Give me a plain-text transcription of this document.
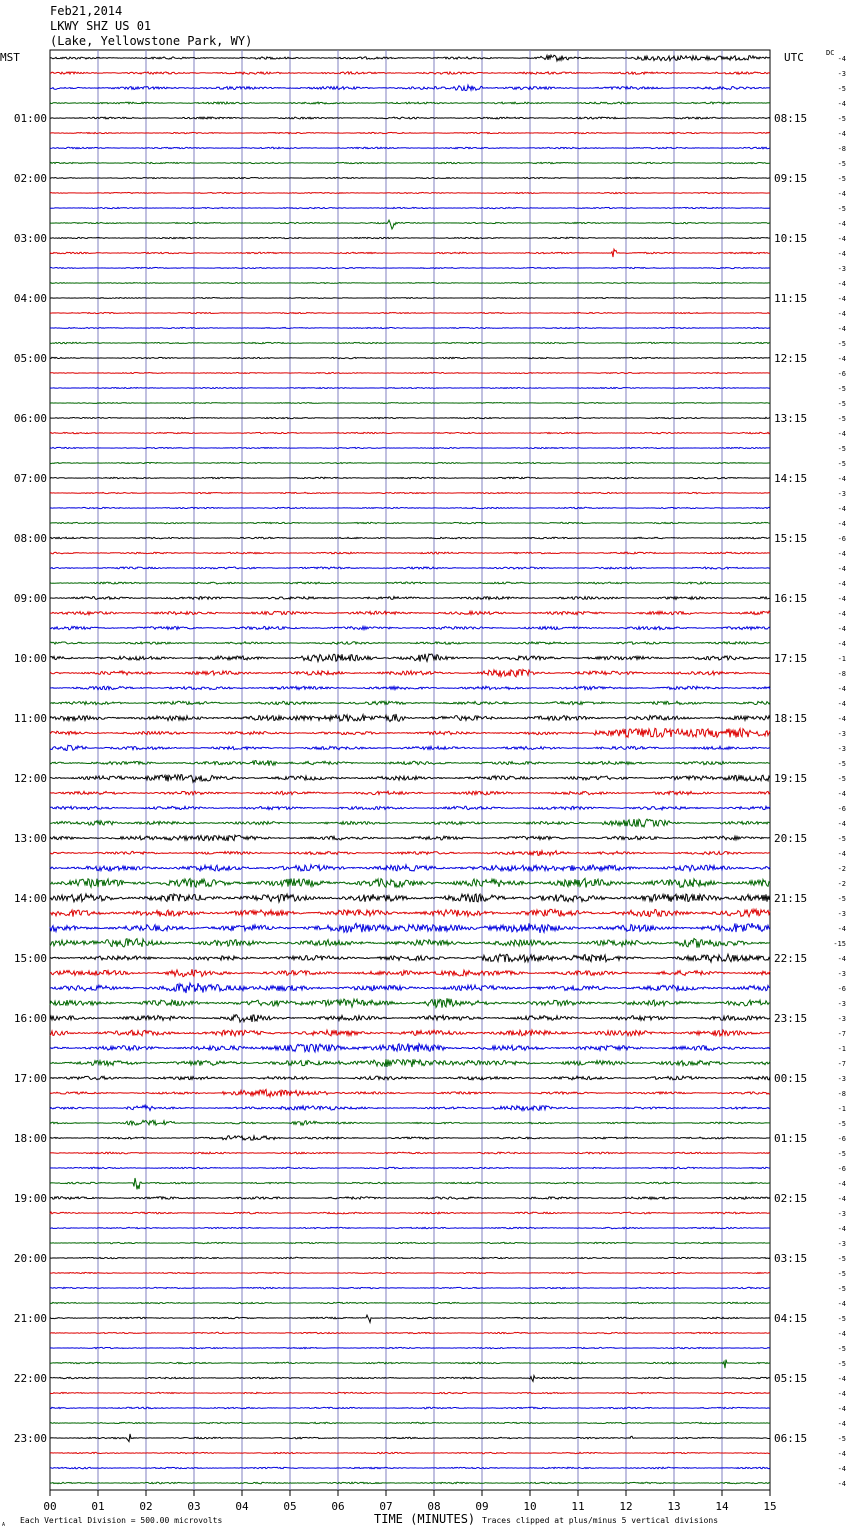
Feb21,2014
LKWY SHZ US 01
(Lake, Yellowstone Park, WY)
01:00
02:00
03:00
04:00
05:00
06:00
07:00
08:00
09:00
10:00
11:00
12:00
13:00
14:00
15:00
16:00
17:00
18:00
19:00
20:00
21:00
22:00
23:00
08:15
09:15
10:15
11:15
12:15
13:15
14:15
15:15
16:15
17:15
18:15
19:15
20:15
21:15
22:15
23:15
00:15
01:15
02:15
03:15
04:15
05:15
06:15
-4
-3
-5
-4
-5
-4
-8
-5
-5
-4
-5
-4
-4
-4
-3
-4
-4
-4
-4
-5
-4
-6
-5
-5
-5
-4
-5
-5
-4
-3
-4
-4
-6
-4
-4
-4
-4
-4
-4
-4
-1
-8
-4
-4
-4
-3
-3
-5
-5
-4
-6
-4
-5
-4
-2
-2
-5
-3
-4
-15
-4
-3
-6
-3
-3
-7
-1
-7
-3
-8
-1
-5
-6
-5
-6
-4
-4
-3
-4
-3
-5
-5
-5
-4
-5
-4
-5
-5
-4
-4
-4
-4
-5
-4
-4
-4
00	01	02	03	04	05	06	07	08	09	10	11	12	13	14	15
MST	UTC	DC
TIME (MINUTES)
A Each Vertical Division = 500.00 microvolts	Traces clipped at plus/minus 5 vertical divisions
